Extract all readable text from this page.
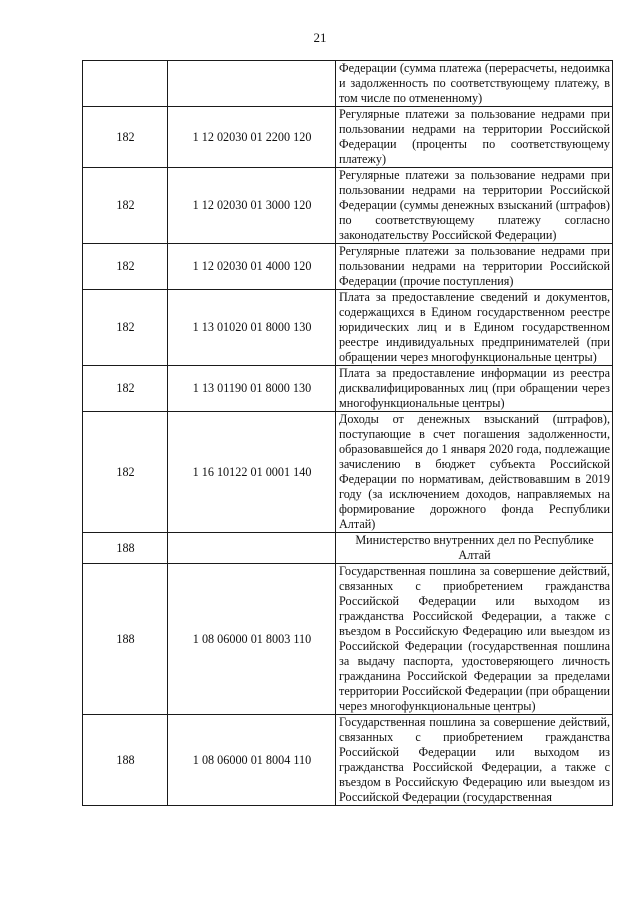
21
		Федерации (сумма платежа (перерасчеты, недоимка и задолженность по соответствующему платежу, в том числе по отмененному)
182	1 12 02030 01 2200 120	Регулярные платежи за пользование недрами при пользовании недрами на территории Российской Федерации (проценты по соответствующему платежу)
182	1 12 02030 01 3000 120	Регулярные платежи за пользование недрами при пользовании недрами на территории Российской Федерации (суммы денежных взысканий (штрафов) по соответствующему платежу согласно законодательству Российской Федерации)
182	1 12 02030 01 4000 120	Регулярные платежи за пользование недрами при пользовании недрами на территории Российской Федерации (прочие поступления)
182	1 13 01020 01 8000 130	Плата за предоставление сведений и документов, содержащихся в Едином государственном реестре юридических лиц и в Едином государственном реестре индивидуальных предпринимателей (при обращении через многофункциональные центры)
182	1 13 01190 01 8000 130	Плата за предоставление информации из реестра дисквалифицированных лиц (при обращении через многофункциональные центры)
182	1 16 10122 01 0001 140	Доходы от денежных взысканий (штрафов), поступающие в счет погашения задолженности, образовавшейся до 1 января 2020 года, подлежащие зачислению в бюджет субъекта Российской Федерации по нормативам, действовавшим в 2019 году (за исключением доходов, направляемых на формирование дорожного фонда Республики Алтай)
188		Министерство внутренних дел по Республике Алтай
188	1 08 06000 01 8003 110	Государственная пошлина за совершение действий, связанных с приобретением гражданства Российской Федерации или выходом из гражданства Российской Федерации, а также с въездом в Российскую Федерацию или выездом из Российской Федерации (государственная пошлина за выдачу паспорта, удостоверяющего личность гражданина Российской Федерации за пределами территории Российской Федерации (при обращении через многофункциональные центры)
188	1 08 06000 01 8004 110	Государственная пошлина за совершение действий, связанных с приобретением гражданства Российской Федерации или выходом из гражданства Российской Федерации, а также с въездом в Российскую Федерацию или выездом из Российской Федерации (государственная
